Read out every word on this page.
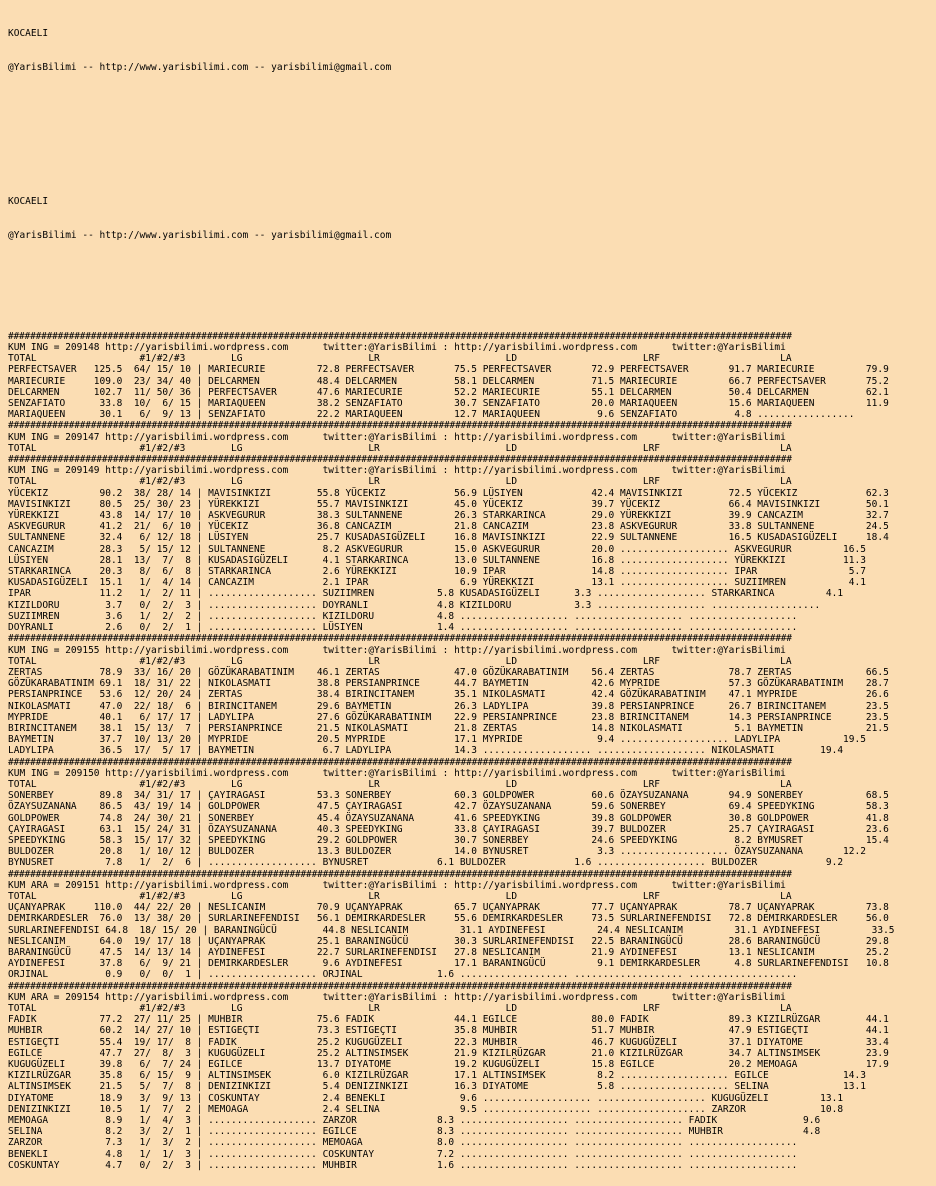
KOCAELI

@YarisBilimi -- http://www.yarisbilimi.com -- yarisbilimi@gmail.com

KOCAELI

@YarisBilimi -- http://www.yarisbilimi.com -- yarisbilimi@gmail.com

##############################################################################################################################################
KUM ING = 209148 http://yarisbilimi.wordpress.com      twitter:@YarisBilimi : http://yarisbilimi.wordpress.com      twitter:@YarisBilimi
TOTAL                  #1/#2/#3        LG                      LR                      LD                      LRF                     LA
PERFECTSAVER   125.5  64/ 15/ 10 | MARIECURIE         72.8 PERFECTSAVER       75.5 PERFECTSAVER       72.9 PERFECTSAVER       91.7 MARIECURIE         79.9
MARIECURIE     109.0  23/ 34/ 40 | DELCARMEN          48.4 DELCARMEN          58.1 DELCARMEN          71.5 MARIECURIE         66.7 PERFECTSAVER       75.2
DELCARMEN      102.7  11/ 50/ 36 | PERFECTSAVER       47.6 MARIECURIE         52.2 MARIECURIE         55.1 DELCARMEN          50.4 DELCARMEN          62.1
SENZAFIATO      33.8  10/  6/ 15 | MARIAQUEEN         38.2 SENZAFIATO         30.7 SENZAFIATO         20.0 MARIAQUEEN         15.6 MARIAQUEEN         11.9
MARIAQUEEN      30.1   6/  9/ 13 | SENZAFIATO         22.2 MARIAQUEEN         12.7 MARIAQUEEN          9.6 SENZAFIATO          4.8 .................
##############################################################################################################################################
KUM ING = 209147 http://yarisbilimi.wordpress.com      twitter:@YarisBilimi : http://yarisbilimi.wordpress.com      twitter:@YarisBilimi
TOTAL                  #1/#2/#3        LG                      LR                      LD                      LRF                     LA
##############################################################################################################################################
KUM ING = 209149 http://yarisbilimi.wordpress.com      twitter:@YarisBilimi : http://yarisbilimi.wordpress.com      twitter:@YarisBilimi
TOTAL                  #1/#2/#3        LG                      LR                      LD                      LRF                     LA
YÜCEKIZ         90.2  38/ 28/ 14 | MAVISINKIZI        55.8 YÜCEKIZ            56.9 LÜSIYEN            42.4 MAVISINKIZI        72.5 YÜCEKIZ            62.3
MAVISINKIZI     80.5  25/ 30/ 23 | YÜREKKIZI          55.7 MAVISINKIZI        45.0 YÜCEKIZ            39.7 YÜCEKIZ            66.4 MAVISINKIZI        50.1
YÜREKKIZI       43.8  14/ 17/ 10 | ASKVEGURUR         38.3 SULTANNENE         26.3 STARKARINCA        29.0 YÜREKKIZI          39.9 CANCAZIM           32.7
ASKVEGURUR      41.2  21/  6/ 10 | YÜCEKIZ            36.8 CANCAZIM           21.8 CANCAZIM           23.8 ASKVEGURUR         33.8 SULTANNENE         24.5
SULTANNENE      32.4   6/ 12/ 18 | LÜSIYEN            25.7 KUSADASIGÜZELI     16.8 MAVISINKIZI        22.9 SULTANNENE         16.5 KUSADASIGÜZELI     18.4
CANCAZIM        28.3   5/ 15/ 12 | SULTANNENE          8.2 ASKVEGURUR         15.0 ASKVEGURUR         20.0 ................... ASKVEGURUR         16.5
LÜSIYEN         28.1  13/  7/  8 | KUSADASIGÜZELI      4.1 STARKARINCA        13.0 SULTANNENE         16.8 ................... YÜREKKIZI          11.3
STARKARINCA     20.3   8/  6/  8 | STARKARINCA         2.6 YÜREKKIZI          10.9 IPAR               14.8 ................... IPAR                5.7
KUSADASIGÜZELI  15.1   1/  4/ 14 | CANCAZIM            2.1 IPAR                6.9 YÜREKKIZI          13.1 ................... SUZIIMREN           4.1
IPAR            11.2   1/  2/ 11 | ................... SUZIIMREN           5.8 KUSADASIGÜZELI      3.3 ................... STARKARINCA         4.1
KIZILDORU        3.7   0/  2/  3 | ................... DOYRANLI            4.8 KIZILDORU           3.3 ................... ...................
SUZIIMREN        3.6   1/  2/  2 | ................... KIZILDORU           4.8 ................... ................... ...................
DOYRANLI         2.6   0/  2/  1 | ................... LÜSIYEN             1.4 ................... ................... ...................
##############################################################################################################################################
KUM ING = 209155 http://yarisbilimi.wordpress.com      twitter:@YarisBilimi : http://yarisbilimi.wordpress.com      twitter:@YarisBilimi
TOTAL                  #1/#2/#3        LG                      LR                      LD                      LRF                     LA
ZERTAS          78.9  33/ 16/ 20 | GÖZÜKARABATINIM    46.1 ZERTAS             47.0 GÖZÜKARABATINIM    56.4 ZERTAS             78.7 ZERTAS             66.5
GÖZÜKARABATINIM 69.1  18/ 31/ 22 | NIKOLASMATI        38.8 PERSIANPRINCE      44.7 BAYMETIN           42.6 MYPRIDE            57.3 GÖZÜKARABATINIM    28.7
PERSIANPRINCE   53.6  12/ 20/ 24 | ZERTAS             38.4 BIRINCITANEM       35.1 NIKOLASMATI        42.4 GÖZÜKARABATINIM    47.1 MYPRIDE            26.6
NIKOLASMATI     47.0  22/ 18/  6 | BIRINCITANEM       29.6 BAYMETIN           26.3 LADYLIPA           39.8 PERSIANPRINCE      26.7 BIRINCITANEM       23.5
MYPRIDE         40.1   6/ 17/ 17 | LADYLIPA           27.6 GÖZÜKARABATINIM    22.9 PERSIANPRINCE      23.8 BIRINCITANEM       14.3 PERSIANPRINCE      23.5
BIRINCITANEM    38.1  15/ 13/  7 | PERSIANPRINCE      21.5 NIKOLASMATI        21.8 ZERTAS             14.8 NIKOLASMATI         5.1 BAYMETIN           21.5
BAYMETIN        37.7  10/ 13/ 20 | MYPRIDE            20.5 MYPRIDE            17.1 MYPRIDE             9.4 ................... LADYLIPA           19.5
LADYLIPA        36.5  17/  5/ 17 | BAYMETIN            6.7 LADYLIPA           14.3 ................... ................... NIKOLASMATI        19.4
##############################################################################################################################################
KUM ING = 209150 http://yarisbilimi.wordpress.com      twitter:@YarisBilimi : http://yarisbilimi.wordpress.com      twitter:@YarisBilimi
TOTAL                  #1/#2/#3        LG                      LR                      LD                      LRF                     LA
SONERBEY        89.8  34/ 31/ 17 | ÇAYIRAGASI         53.3 SONERBEY           60.3 GOLDPOWER          60.6 ÖZAYSUZANANA       94.9 SONERBEY           68.5
ÖZAYSUZANANA    86.5  43/ 19/ 14 | GOLDPOWER          47.5 ÇAYIRAGASI         42.7 ÖZAYSUZANANA       59.6 SONERBEY           69.4 SPEEDYKING         58.3
GOLDPOWER       74.8  24/ 30/ 21 | SONERBEY           45.4 ÖZAYSUZANANA       41.6 SPEEDYKING         39.8 GOLDPOWER          30.8 GOLDPOWER          41.8
ÇAYIRAGASI      63.1  15/ 24/ 31 | ÖZAYSUZANANA       40.3 SPEEDYKING         33.8 ÇAYIRAGASI         39.7 BULDOZER           25.7 ÇAYIRAGASI         23.6
SPEEDYKING      58.3  15/ 17/ 32 | SPEEDYKING         29.2 GOLDPOWER          30.7 SONERBEY           24.6 SPEEDYKING          8.2 BYMUSRET           15.4
BULDOZER        20.8   1/ 10/ 12 | BULDOZER           13.3 BULDOZER           14.0 BYNUSRET            3.3 ................... ÖZAYSUZANANA       12.2
BYNUSRET         7.8   1/  2/  6 | ................... BYNUSRET            6.1 BULDOZER            1.6 ................... BULDOZER            9.2
##############################################################################################################################################
KUM ARA = 209151 http://yarisbilimi.wordpress.com      twitter:@YarisBilimi : http://yarisbilimi.wordpress.com      twitter:@YarisBilimi
TOTAL                  #1/#2/#3        LG                      LR                      LD                      LRF                     LA
UÇANYAPRAK     110.0  44/ 22/ 20 | NESLICANIM         70.9 UÇANYAPRAK         65.7 UÇANYAPRAK         77.7 UÇANYAPRAK         78.7 UÇANYAPRAK         73.8
DEMIRKARDESLER  76.0  13/ 38/ 20 | SURLARINEFENDISI   56.1 DEMIRKARDESLER     55.6 DEMIRKARDESLER     73.5 SURLARINEFENDISI   72.8 DEMIRKARDESLER     56.0
SURLARINEFENDISI 64.8  18/ 15/ 20 | BARANINGÜCÜ        44.8 NESLICANIM         31.1 AYDINEFESI         24.4 NESLICANIM         31.1 AYDINEFESI         33.5
NESLICANIM      64.0  19/ 17/ 18 | UÇANYAPRAK         25.1 BARANINGÜCÜ        30.3 SURLARINEFENDISI   22.5 BARANINGÜCÜ        28.6 BARANINGÜCÜ        29.8
BARANINGÜCÜ     47.5  14/ 13/ 14 | AYDINEFESI         22.7 SURLARINEFENDISI   27.8 NESLICANIM         21.9 AYDINEFESI         13.1 NESLICANIM         25.2
AYDINEFESI      37.8   6/  9/ 21 | DEMIRKARDESLER      9.6 AYDINEFESI         17.1 BARANINGÜCÜ         9.1 DEMIRKARDESLER      4.8 SURLARINEFENDISI   10.8
ORJINAL          0.9   0/  0/  1 | ................... ORJINAL             1.6 ................... ................... ...................
##############################################################################################################################################
KUM ARA = 209154 http://yarisbilimi.wordpress.com      twitter:@YarisBilimi : http://yarisbilimi.wordpress.com      twitter:@YarisBilimi
TOTAL                  #1/#2/#3        LG                      LR                      LD                      LRF                     LA
FADIK           77.2  27/ 11/ 25 | MUHBIR             75.6 FADIK              44.1 EGILCE             80.0 FADIK              89.3 KIZILRÜZGAR        44.1
MUHBIR          60.2  14/ 27/ 10 | ESTIGEÇTI          73.3 ESTIGEÇTI          35.8 MUHBIR             51.7 MUHBIR             47.9 ESTIGEÇTI          44.1
ESTIGEÇTI       55.4  19/ 17/  8 | FADIK              25.2 KUGUGÜZELI         22.3 MUHBIR             46.7 KUGUGÜZELI         37.1 DIYATOME           33.4
EGILCE          47.7  27/  8/  3 | KUGUGÜZELI         25.2 ALTINSIMSEK        21.9 KIZILRÜZGAR        21.0 KIZILRÜZGAR        34.7 ALTINSIMSEK        23.9
KUGUGÜZELI      39.8   6/  7/ 24 | EGILCE             13.7 DIYATOME           19.2 KUGUGÜZELI         15.8 EGILCE             20.2 MEMOAGA            17.9
KIZILRÜZGAR     35.8   6/ 15/  9 | ALTINSIMSEK         6.0 KIZILRÜZGAR        17.1 ALTINSIMSEK         8.2 ................... EGILCE             14.3
ALTINSIMSEK     21.5   5/  7/  8 | DENIZINKIZI         5.4 DENIZINKIZI        16.3 DIYATOME            5.8 ................... SELINA             13.1
DIYATOME        18.9   3/  9/ 13 | COSKUNTAY           2.4 BENEKLI             9.6 ................... ................... KUGUGÜZELI         13.1
DENIZINKIZI     10.5   1/  7/  2 | MEMOAGA             2.4 SELINA              9.5 ................... ................... ZARZOR             10.8
MEMOAGA          8.9   1/  4/  3 | ................... ZARZOR              8.3 ................... ................... FADIK               9.6
SELINA           8.2   3/  2/  1 | ................... EGILCE              8.3 ................... ................... MUHBIR              4.8
ZARZOR           7.3   1/  3/  2 | ................... MEMOAGA             8.0 ................... ................... ...................
BENEKLI          4.8   1/  1/  3 | ................... COSKUNTAY           7.2 ................... ................... ...................
COSKUNTAY        4.7   0/  2/  3 | ................... MUHBIR              1.6 ................... ................... ...................
